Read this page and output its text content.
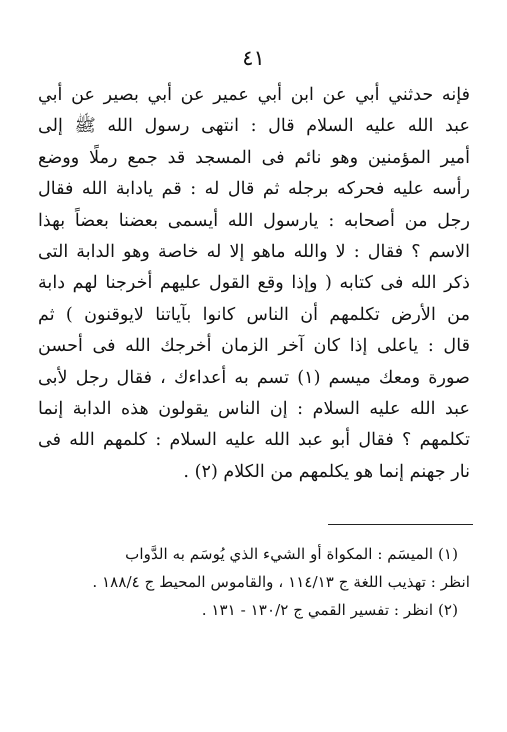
٤١
فإنه حدثني أبي عن ابن أبي عمير عن أبي بصير عن أبي
عبد الله عليه السلام قال : انتهى رسول الله ﷺ إلى
أمير المؤمنين وهو نائم فى المسجد قد جمع رملًا ووضع
رأسه عليه فحركه برجله ثم قال له : قم يادابة الله فقال
رجل من أصحابه : يارسول الله أيسمى بعضنا بعضاً بهذا
الاسم ؟ فقال : لا والله ماهو إلا له خاصة وهو الدابة التى
ذكر الله فى كتابه ( وإذا وقع القول عليهم أخرجنا لهم دابة
من الأرض تكلمهم أن الناس كانوا بآياتنا لايوقنون ) ثم
قال : ياعلى إذا كان آخر الزمان أخرجك الله فى أحسن
صورة ومعك ميسم (١) تسم به أعداءك ، فقال رجل لأبى
عبد الله عليه السلام : إن الناس يقولون هذه الدابة إنما
تكلمهم ؟ فقال أبو عبد الله عليه السلام : كلمهم الله فى
نار جهنم إنما هو يكلمهم من الكلام (٢) .
(١) الميسَم : المكواة أو الشيء الذي يُوسَم به الدَّواب
انظر : تهذيب اللغة ج ١١٤/١٣ ، والقاموس المحيط ج ١٨٨/٤ .
(٢) انظر : تفسير القمي ج ١٣٠/٢ - ١٣١ .
